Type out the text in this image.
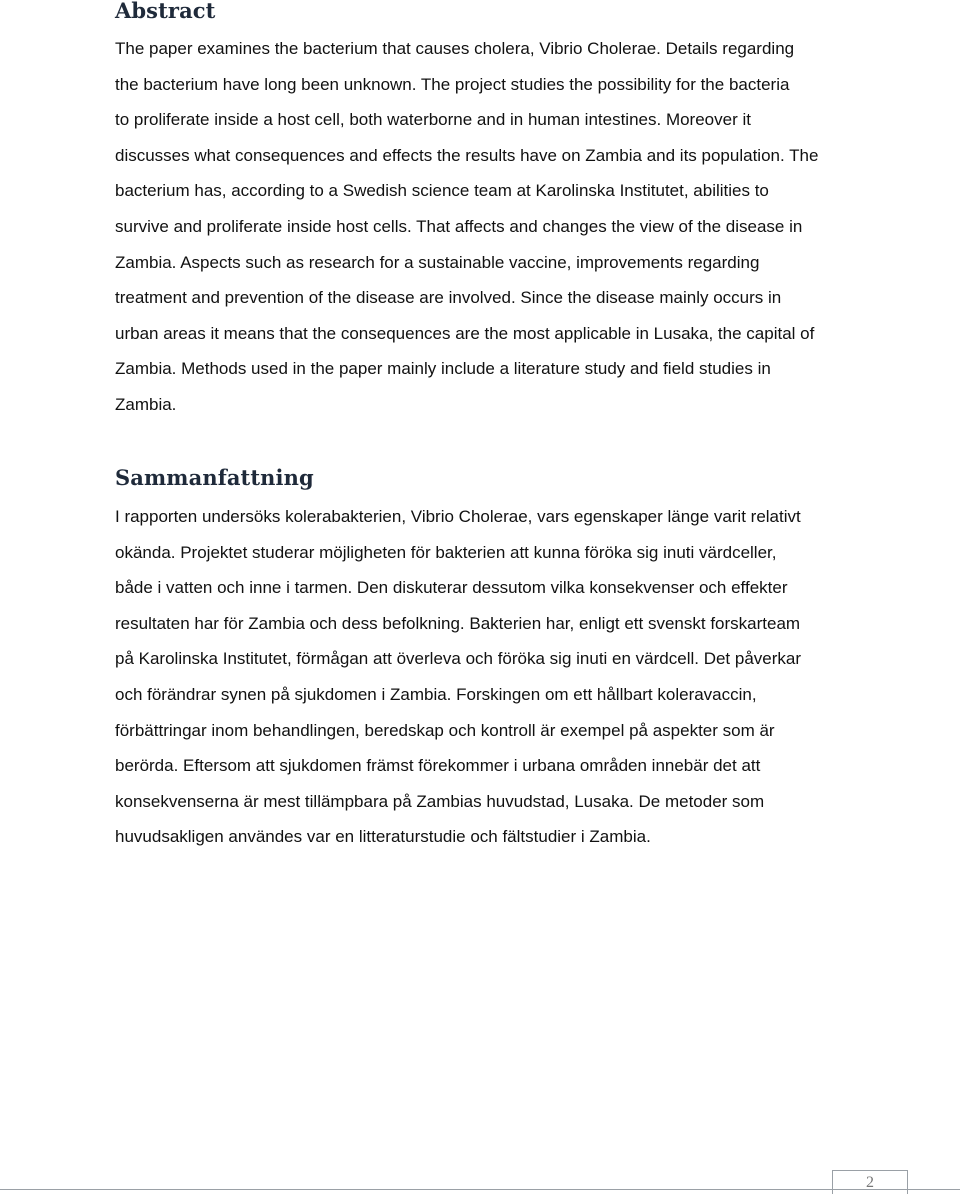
Abstract

The paper examines the bacterium that causes cholera, Vibrio Cholerae. Details regarding
the bacterium have long been unknown. The project studies the possibility for the bacteria
to proliferate inside a host cell, both waterborne and in human intestines. Moreover it
discusses what consequences and effects the results have on Zambia and its population. The
bacterium has, according to a Swedish science team at Karolinska Institutet, abilities to
survive and proliferate inside host cells. That affects and changes the view of the disease in
Zambia. Aspects such as research for a sustainable vaccine, improvements regarding
treatment and prevention of the disease are involved. Since the disease mainly occurs in
urban areas it means that the consequences are the most applicable in Lusaka, the capital of
Zambia. Methods used in the paper mainly include a literature study and field studies in
Zambia.

Sammanfattning

I rapporten undersöks kolerabakterien, Vibrio Cholerae, vars egenskaper länge varit relativt
okända. Projektet studerar möjligheten för bakterien att kunna föröka sig inuti värdceller,
både i vatten och inne i tarmen. Den diskuterar dessutom vilka konsekvenser och effekter
resultaten har för Zambia och dess befolkning. Bakterien har, enligt ett svenskt forskarteam
på Karolinska Institutet, förmågan att överleva och föröka sig inuti en värdcell. Det påverkar
och förändrar synen på sjukdomen i Zambia. Forskingen om ett hållbart koleravaccin,
förbättringar inom behandlingen, beredskap och kontroll är exempel på aspekter som är
berörda. Eftersom att sjukdomen främst förekommer i urbana områden innebär det att
konsekvenserna är mest tillämpbara på Zambias huvudstad, Lusaka. De metoder som
huvudsakligen användes var en litteraturstudie och fältstudier i Zambia.

2
